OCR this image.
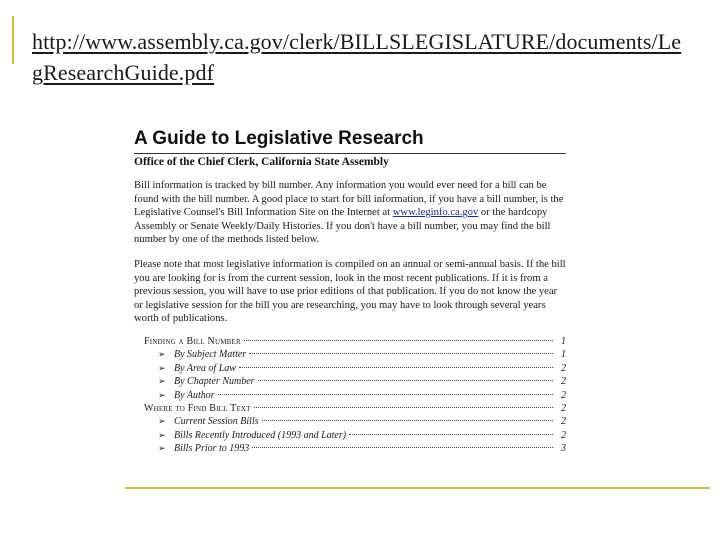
http://www.assembly.ca.gov/clerk/BILLSLEGISLATURE/documents/LegResearchGuide.pdf
A Guide to Legislative Research
Office of the Chief Clerk, California State Assembly
Bill information is tracked by bill number. Any information you would ever need for a bill can be found with the bill number. A good place to start for bill information, if you have a bill number, is the Legislative Counsel's Bill Information Site on the Internet at www.leginfo.ca.gov or the hardcopy Assembly or Senate Weekly/Daily Histories. If you don't have a bill number, you may find the bill number by one of the methods listed below.
Please note that most legislative information is compiled on an annual or semi-annual basis. If the bill you are looking for is from the current session, look in the most recent publications. If it is from a previous session, you will have to use prior editions of that publication. If you do not know the year or legislative session for the bill you are researching, you may have to look through several years worth of publications.
Finding a Bill Number	1
➢ By Subject Matter	1
➢ By Area of Law	2
➢ By Chapter Number	2
➢ By Author	2
Where to Find Bill Text	2
➢ Current Session Bills	2
➢ Bills Recently Introduced (1993 and Later)	2
➢ Bills Prior to 1993	3
